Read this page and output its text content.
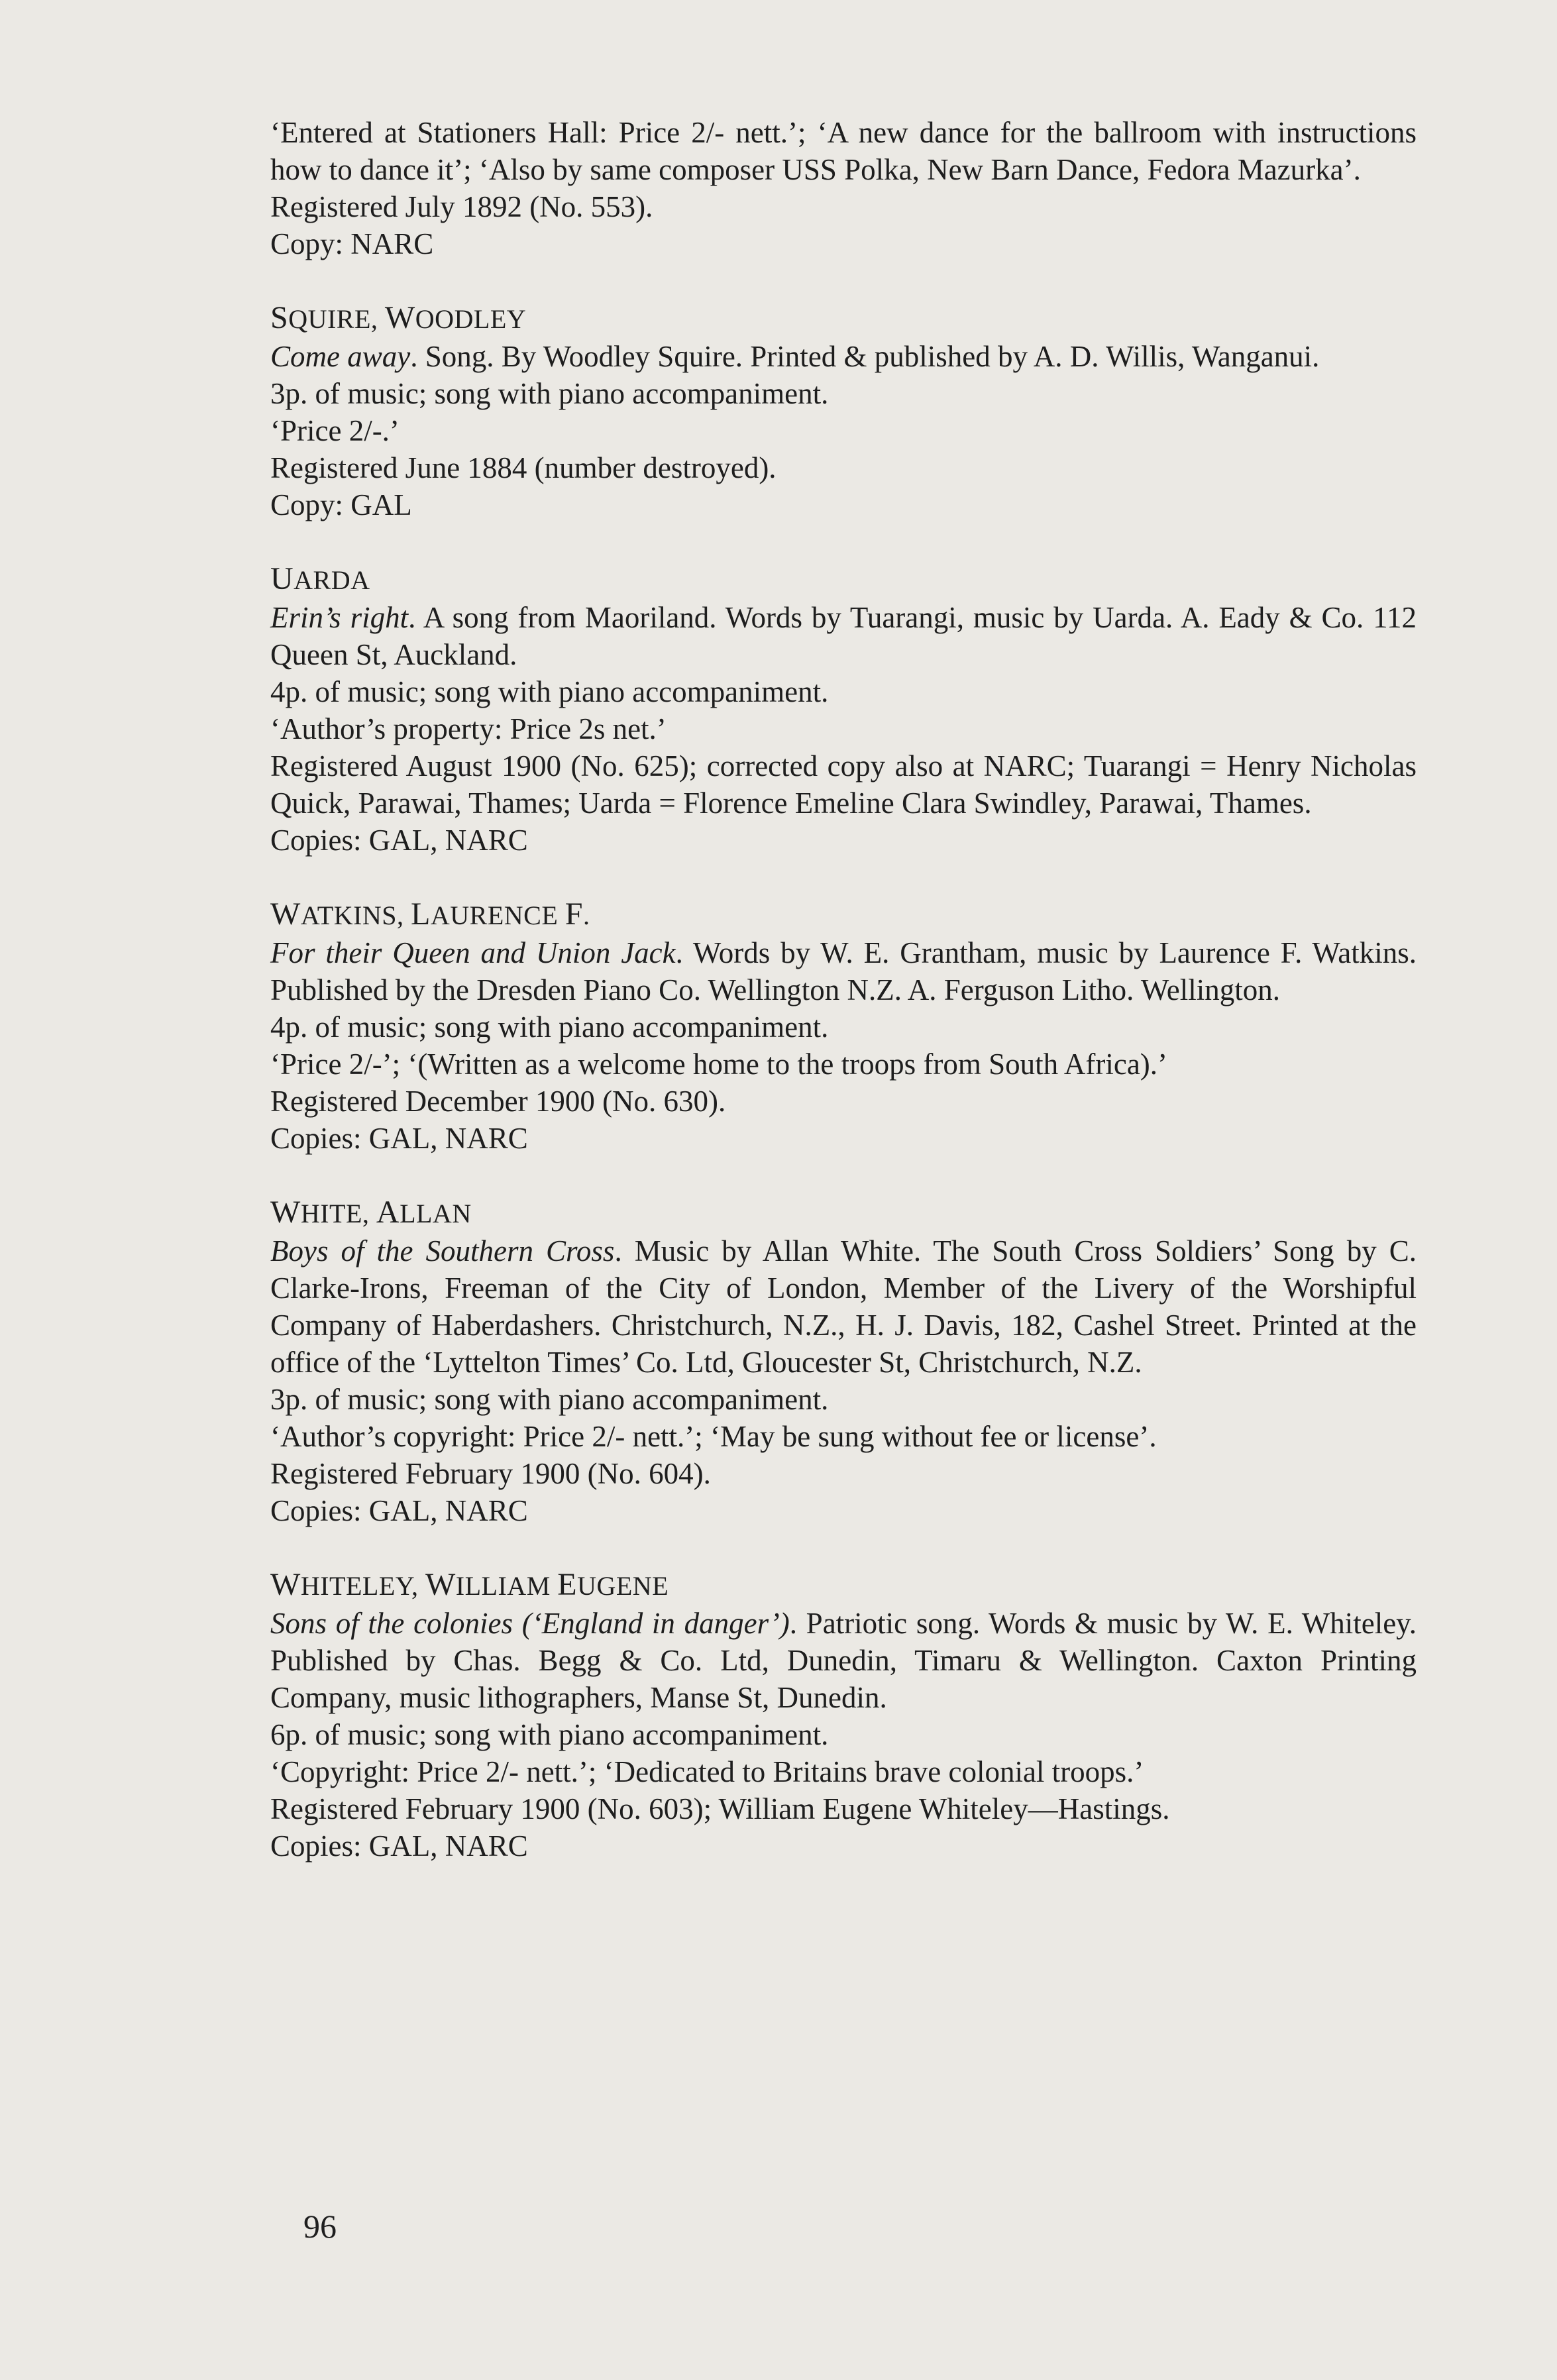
‘Entered at Stationers Hall: Price 2/- nett.’; ‘A new dance for the ballroom with instructions how to dance it’; ‘Also by same composer USS Polka, New Barn Dance, Fedora Mazurka’.

Registered July 1892 (No. 553).

Copy: NARC

SQUIRE, WOODLEY

Come away. Song. By Woodley Squire. Printed & published by A. D. Willis, Wanganui.

3p. of music; song with piano accompaniment.

‘Price 2/-.’

Registered June 1884 (number destroyed).

Copy: GAL

UARDA

Erin’s right. A song from Maoriland. Words by Tuarangi, music by Uarda. A. Eady & Co. 112 Queen St, Auckland.

4p. of music; song with piano accompaniment.

‘Author’s property: Price 2s net.’

Registered August 1900 (No. 625); corrected copy also at NARC; Tuarangi = Henry Nicholas Quick, Parawai, Thames; Uarda = Florence Emeline Clara Swindley, Parawai, Thames.

Copies: GAL, NARC

WATKINS, LAURENCE F.

For their Queen and Union Jack. Words by W. E. Grantham, music by Laurence F. Watkins. Published by the Dresden Piano Co. Wellington N.Z. A. Ferguson Litho. Wellington.

4p. of music; song with piano accompaniment.

‘Price 2/-’; ‘(Written as a welcome home to the troops from South Africa).’

Registered December 1900 (No. 630).

Copies: GAL, NARC

WHITE, ALLAN

Boys of the Southern Cross. Music by Allan White. The South Cross Soldiers’ Song by C. Clarke-Irons, Freeman of the City of London, Member of the Livery of the Worshipful Company of Haberdashers. Christchurch, N.Z., H. J. Davis, 182, Cashel Street. Printed at the office of the ‘Lyttelton Times’ Co. Ltd, Gloucester St, Christchurch, N.Z.

3p. of music; song with piano accompaniment.

‘Author’s copyright: Price 2/- nett.’; ‘May be sung without fee or license’.

Registered February 1900 (No. 604).

Copies: GAL, NARC

WHITELEY, WILLIAM EUGENE

Sons of the colonies (‘England in danger’). Patriotic song. Words & music by W. E. Whiteley. Published by Chas. Begg & Co. Ltd, Dunedin, Timaru & Wellington. Caxton Printing Company, music lithographers, Manse St, Dunedin.

6p. of music; song with piano accompaniment.

‘Copyright: Price 2/- nett.’; ‘Dedicated to Britains brave colonial troops.’

Registered February 1900 (No. 603); William Eugene Whiteley—Hastings.

Copies: GAL, NARC

96
